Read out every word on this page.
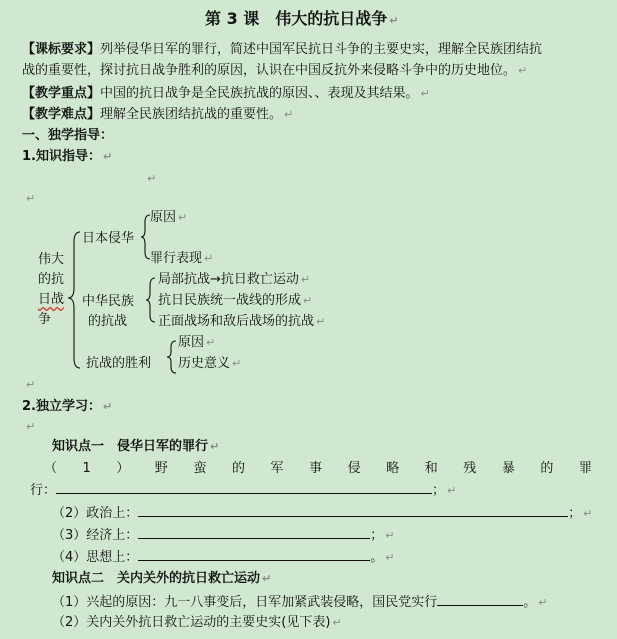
第 3 课　伟大的抗日战争 ↵
【课标要求】列举侵华日军的罪行，简述中国军民抗日斗争的主要史实，理解全民族团结抗
战的重要性，探讨抗日战争胜利的原因，认识在中国反抗外来侵略斗争中的历史地位。 ↵
【教学重点】中国的抗日战争是全民族抗战的原因、、表现及其结果。 ↵
【教学难点】理解全民族团结抗战的重要性。 ↵
一、独学指导：
1.知识指导： ↵
↵
↵
伟大
的抗
日战
争
日本侵华
原因 ↵
罪行表现 ↵
中华民族
的抗战
局部抗战→抗日救亡运动 ↵
抗日民族统一战线的形成 ↵
正面战场和敌后战场的抗战 ↵
抗战的胜利
原因 ↵
历史意义 ↵
↵
2.独立学习： ↵
↵
知识点一　侵华日军的罪行 ↵
（ 1 ） 野 蛮 的 军 事 侵 略 和 残 暴 的 罪
行：	； ↵
（2）政治上：	； ↵
（3）经济上：	； ↵
（4）思想上：	。 ↵
知识点二　关内关外的抗日救亡运动 ↵
（1）兴起的原因：九一八事变后，日军加紧武装侵略，国民党实行	。 ↵
（2）关内关外抗日救亡运动的主要史实(见下表) ↵
